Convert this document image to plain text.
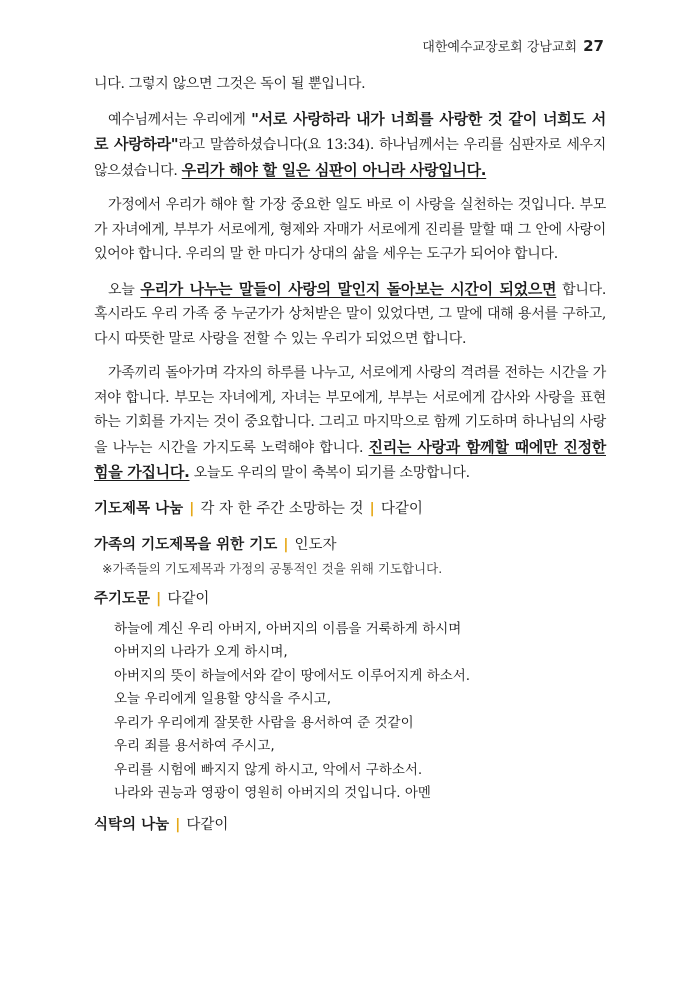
대한예수교장로회 강남교회 27

니다. 그렇지 않으면 그것은 독이 될 뿐입니다.

예수님께서는 우리에게 "서로 사랑하라 내가 너희를 사랑한 것 같이 너희도 서로 사랑하라"라고 말씀하셨습니다(요 13:34). 하나님께서는 우리를 심판자로 세우지 않으셨습니다. 우리가 해야 할 일은 심판이 아니라 사랑입니다.

가정에서 우리가 해야 할 가장 중요한 일도 바로 이 사랑을 실천하는 것입니다. 부모가 자녀에게, 부부가 서로에게, 형제와 자매가 서로에게 진리를 말할 때 그 안에 사랑이 있어야 합니다. 우리의 말 한 마디가 상대의 삶을 세우는 도구가 되어야 합니다.

오늘 우리가 나누는 말들이 사랑의 말인지 돌아보는 시간이 되었으면 합니다. 혹시라도 우리 가족 중 누군가가 상처받은 말이 있었다면, 그 말에 대해 용서를 구하고, 다시 따뜻한 말로 사랑을 전할 수 있는 우리가 되었으면 합니다.

가족끼리 돌아가며 각자의 하루를 나누고, 서로에게 사랑의 격려를 전하는 시간을 가져야 합니다. 부모는 자녀에게, 자녀는 부모에게, 부부는 서로에게 감사와 사랑을 표현하는 기회를 가지는 것이 중요합니다. 그리고 마지막으로 함께 기도하며 하나님의 사랑을 나누는 시간을 가지도록 노력해야 합니다. 진리는 사랑과 함께할 때에만 진정한 힘을 가집니다. 오늘도 우리의 말이 축복이 되기를 소망합니다.

기도제목 나눔 | 각 자 한 주간 소망하는 것 | 다같이
가족의 기도제목을 위한 기도 | 인도자
※가족들의 기도제목과 가정의 공통적인 것을 위해 기도합니다.
주기도문 | 다같이
하늘에 계신 우리 아버지, 아버지의 이름을 거룩하게 하시며
아버지의 나라가 오게 하시며,
아버지의 뜻이 하늘에서와 같이 땅에서도 이루어지게 하소서.
오늘 우리에게 일용할 양식을 주시고,
우리가 우리에게 잘못한 사람을 용서하여 준 것같이
우리 죄를 용서하여 주시고,
우리를 시험에 빠지지 않게 하시고, 악에서 구하소서.
나라와 권능과 영광이 영원히 아버지의 것입니다. 아멘
식탁의 나눔 | 다같이
